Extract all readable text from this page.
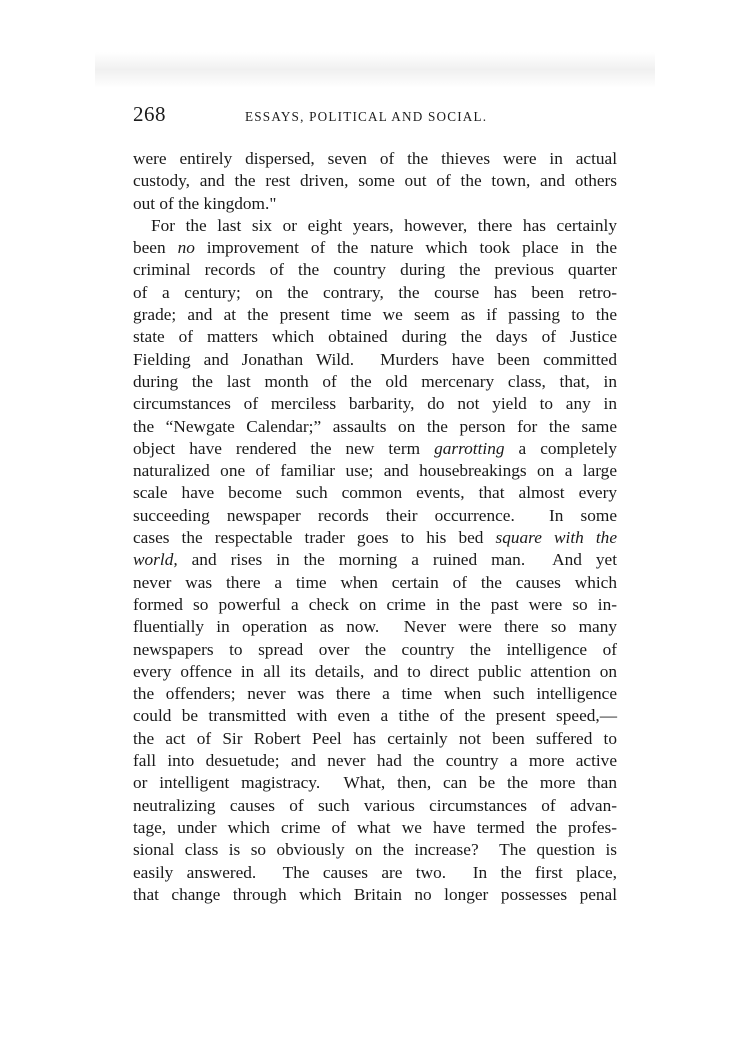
268	ESSAYS, POLITICAL AND SOCIAL.
were entirely dispersed, seven of the thieves were in actual
custody, and the rest driven, some out of the town, and others
out of the kingdom."
For the last six or eight years, however, there has certainly
been no improvement of the nature which took place in the
criminal records of the country during the previous quarter
of a century; on the contrary, the course has been retro-
grade; and at the present time we seem as if passing to the
state of matters which obtained during the days of Justice
Fielding and Jonathan Wild.  Murders have been committed
during the last month of the old mercenary class, that, in
circumstances of merciless barbarity, do not yield to any in
the “Newgate Calendar;” assaults on the person for the same
object have rendered the new term garrotting a completely
naturalized one of familiar use; and housebreakings on a large
scale have become such common events, that almost every
succeeding newspaper records their occurrence.  In some
cases the respectable trader goes to his bed square with the
world, and rises in the morning a ruined man.  And yet
never was there a time when certain of the causes which
formed so powerful a check on crime in the past were so in-
fluentially in operation as now.  Never were there so many
newspapers to spread over the country the intelligence of
every offence in all its details, and to direct public attention on
the offenders; never was there a time when such intelligence
could be transmitted with even a tithe of the present speed,—
the act of Sir Robert Peel has certainly not been suffered to
fall into desuetude; and never had the country a more active
or intelligent magistracy.  What, then, can be the more than
neutralizing causes of such various circumstances of advan-
tage, under which crime of what we have termed the profes-
sional class is so obviously on the increase?  The question is
easily answered.  The causes are two.  In the first place,
that change through which Britain no longer possesses penal
